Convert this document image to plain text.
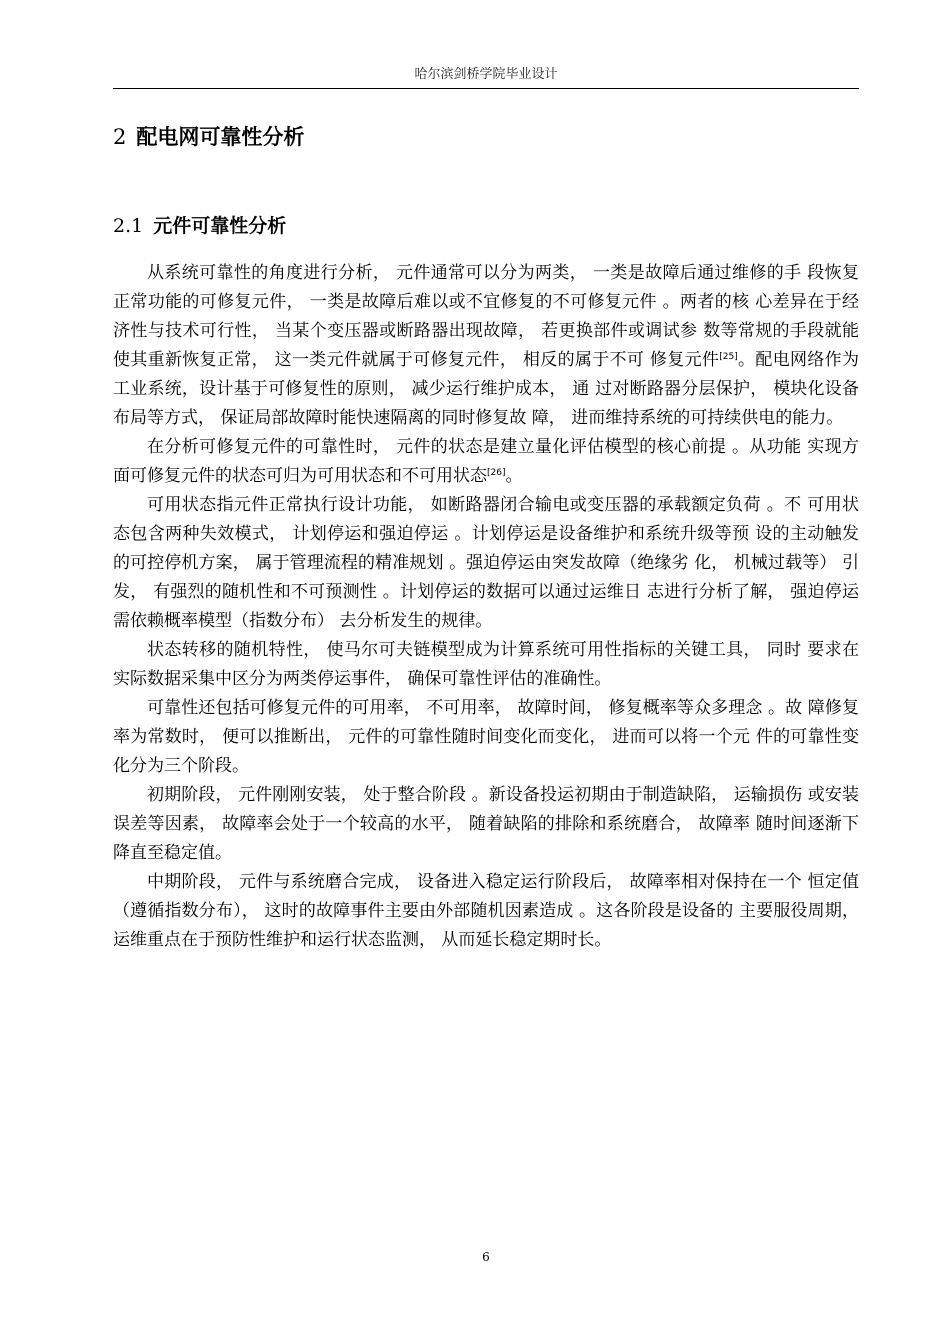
哈尔滨剑桥学院毕业设计
2 配电网可靠性分析
2.1 元件可靠性分析

从系统可靠性的角度进行分析， 元件通常可以分为两类， 一类是故障后通过维修的手 段恢复正常功能的可修复元件， 一类是故障后难以或不宜修复的不可修复元件 。两者的核 心差异在于经济性与技术可行性， 当某个变压器或断路器出现故障， 若更换部件或调试参 数等常规的手段就能使其重新恢复正常， 这一类元件就属于可修复元件， 相反的属于不可 修复元件[25]。配电网络作为工业系统，设计基于可修复性的原则， 减少运行维护成本， 通 过对断路器分层保护， 模块化设备布局等方式， 保证局部故障时能快速隔离的同时修复故 障， 进而维持系统的可持续供电的能力。

在分析可修复元件的可靠性时， 元件的状态是建立量化评估模型的核心前提 。从功能 实现方面可修复元件的状态可归为可用状态和不可用状态[26]。

可用状态指元件正常执行设计功能， 如断路器闭合输电或变压器的承载额定负荷 。不 可用状态包含两种失效模式， 计划停运和强迫停运 。计划停运是设备维护和系统升级等预 设的主动触发的可控停机方案， 属于管理流程的精准规划 。强迫停运由突发故障（绝缘劣 化， 机械过载等） 引发， 有强烈的随机性和不可预测性 。计划停运的数据可以通过运维日 志进行分析了解， 强迫停运需依赖概率模型（指数分布） 去分析发生的规律。

状态转移的随机特性， 使马尔可夫链模型成为计算系统可用性指标的关键工具， 同时 要求在实际数据采集中区分为两类停运事件， 确保可靠性评估的准确性。

可靠性还包括可修复元件的可用率， 不可用率， 故障时间， 修复概率等众多理念 。故 障修复率为常数时， 便可以推断出， 元件的可靠性随时间变化而变化， 进而可以将一个元 件的可靠性变化分为三个阶段。

初期阶段， 元件刚刚安装， 处于整合阶段 。新设备投运初期由于制造缺陷， 运输损伤 或安装误差等因素， 故障率会处于一个较高的水平， 随着缺陷的排除和系统磨合， 故障率 随时间逐渐下降直至稳定值。

中期阶段， 元件与系统磨合完成， 设备进入稳定运行阶段后， 故障率相对保持在一个 恒定值（遵循指数分布）， 这时的故障事件主要由外部随机因素造成 。这各阶段是设备的 主要服役周期， 运维重点在于预防性维护和运行状态监测， 从而延长稳定期时长。

6
